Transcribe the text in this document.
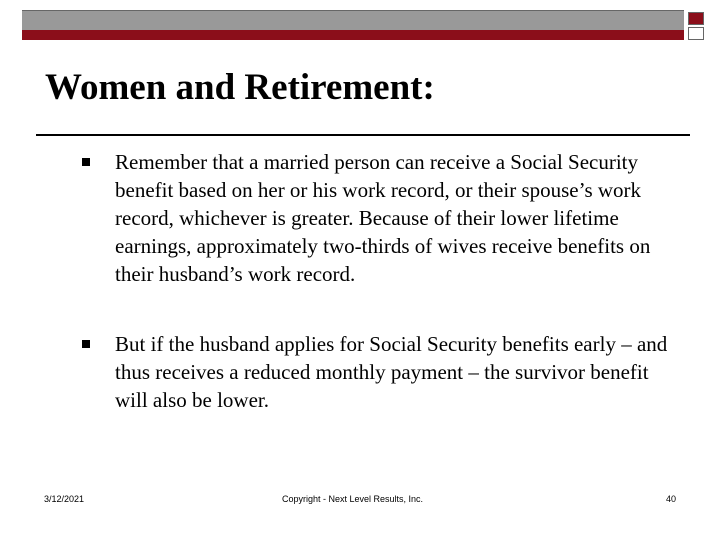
Women and Retirement:
Remember that a married person can receive a Social Security benefit based on her or his work record, or their spouse’s work record, whichever is greater. Because of their lower lifetime earnings, approximately two-thirds of wives receive benefits on their husband’s work record.
But if the husband applies for Social Security benefits early – and thus receives a reduced monthly payment – the survivor benefit will also be lower.
3/12/2021	Copyright - Next Level Results, Inc.	40
